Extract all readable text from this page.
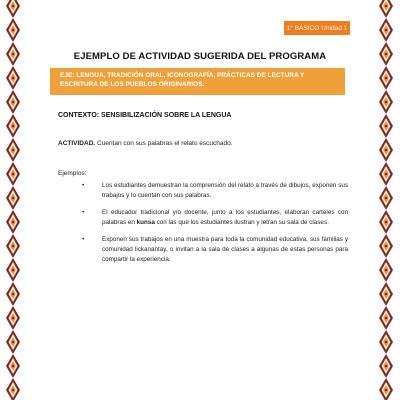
1° BÁSICO Unidad 1
EJEMPLO DE ACTIVIDAD SUGERIDA DEL PROGRAMA
EJE: LENGUA, TRADICIÓN ORAL, ICONOGRAFÍA, PRÁCTICAS DE LECTURA Y ESCRITURA DE LOS PUEBLOS ORIGINARIOS.
CONTEXTO: SENSIBILIZACIÓN SOBRE LA LENGUA
ACTIVIDAD. Cuentan con sus palabras el relato escuchado.
Ejemplos:
•	Los estudiantes demuestran la comprensión del relato a través de dibujos, exponen sus trabajos y lo cuentan con sus palabras.
•	El educador tradicional y/o docente, junto a los estudiantes, elaboran carteles con palabras en kunsa con las que los estudiantes ilustran y letran su sala de clases.
•	Exponen sus trabajos en una muestra para toda la comunidad educativa, sus familias y comunidad lickanantay, o invitan a la sala de clases a algunas de estas personas para compartir la experiencia.
